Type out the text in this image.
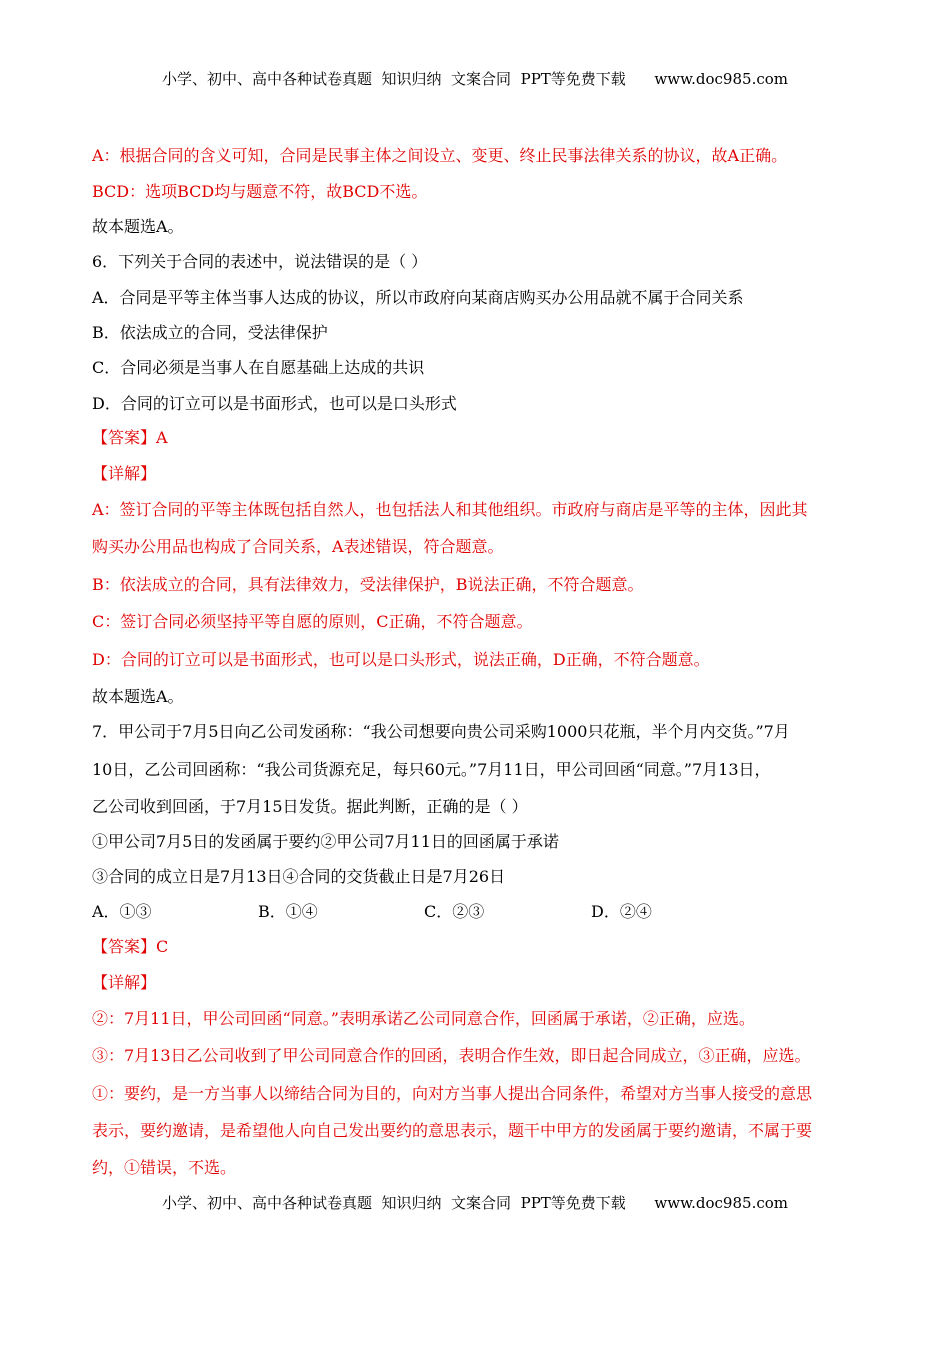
小学、初中、高中各种试卷真题  知识归纳  文案合同  PPT等免费下载      www.doc985.com
A：根据合同的含义可知，合同是民事主体之间设立、变更、终止民事法律关系的协议，故A正确。
BCD：选项BCD均与题意不符，故BCD不选。
故本题选A。
6．下列关于合同的表述中，说法错误的是（ ）
A．合同是平等主体当事人达成的协议，所以市政府向某商店购买办公用品就不属于合同关系
B．依法成立的合同，受法律保护
C．合同必须是当事人在自愿基础上达成的共识
D．合同的订立可以是书面形式，也可以是口头形式
【答案】A
【详解】
A：签订合同的平等主体既包括自然人，也包括法人和其他组织。市政府与商店是平等的主体，因此其
购买办公用品也构成了合同关系，A表述错误，符合题意。
B：依法成立的合同，具有法律效力，受法律保护，B说法正确，不符合题意。
C：签订合同必须坚持平等自愿的原则，C正确，不符合题意。
D：合同的订立可以是书面形式，也可以是口头形式，说法正确，D正确，不符合题意。
故本题选A。
7．甲公司于7月5日向乙公司发函称：“我公司想要向贵公司采购1000只花瓶，半个月内交货。”7月
10日，乙公司回函称：“我公司货源充足，每只60元。”7月11日，甲公司回函“同意。”7月13日，
乙公司收到回函，于7月15日发货。据此判断，正确的是（ ）
①甲公司7月5日的发函属于要约②甲公司7月11日的回函属于承诺
③合同的成立日是7月13日④合同的交货截止日是7月26日
A．①③	B．①④	C．②③	D．②④
【答案】C
【详解】
②：7月11日，甲公司回函“同意。”表明承诺乙公司同意合作，回函属于承诺，②正确，应选。
③：7月13日乙公司收到了甲公司同意合作的回函，表明合作生效，即日起合同成立，③正确，应选。
①：要约，是一方当事人以缔结合同为目的，向对方当事人提出合同条件，希望对方当事人接受的意思
表示，要约邀请，是希望他人向自己发出要约的意思表示，题干中甲方的发函属于要约邀请，不属于要
约，①错误，不选。
小学、初中、高中各种试卷真题  知识归纳  文案合同  PPT等免费下载      www.doc985.com
